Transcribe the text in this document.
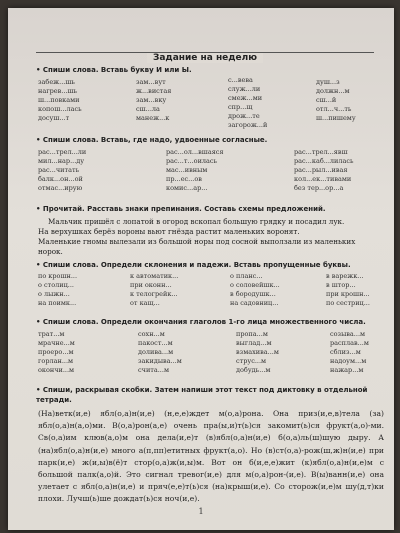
$^{Задание на неделю}$
• Спиши слова. Вставь букву И или Ы.
забеж...шь
нагрев...шь
ш...повками
копош...лась
досуш...т
зам...вут
ж...вистая
зам...вку
сш...ла
манеж...к
с...вева
служ...ли
смеж...ми
спр...щ
дрож...те
загорож...й
душ...з
должн...м
сш...й
отл...ч...ть
ш...пишему
• Спиши слова. Вставь, где надо, удвоенные согласные.
рас...трел...ли
мил...нар...ду
рас...читать
балк...он...ой
отмас...ирую
рас...ол...вшаяся
рас...т...оилась
мас...ивным
пр...ес...ов
комис...ар...
рас...трел...явш
рас...каб...лилась
рас...рыл...ивая
кол...ек...тивами
без тер...ор...а
• Прочитай. Расставь знаки препинания. Составь схемы предложений.

Мальчик пришёл с лопатой в огород вскопал большую грядку и посадил лук.

На верхушках берёз вороны вьют гнёзда растит маленьких воронят.

Маленькие гномы вылезали из большой норы под сосной выползали из маленьких норок.

• Спиши слова. Определи склонения и падежи. Вставь пропущенные буквы.
по крошн...
о столиц...
о лыжн...
на поимк...
к автоматик...
при оконн...
к телогрейк...
от кащ...
о планс...
о соловейшк...
в бородушк...
на садовниц...
в варежк...
в штор...
при крошн...
по сестриц...
• Спиши слова. Определи окончания глаголов 1-го лица множественного числа.
трат...м
мрачне...м
проеро...м
горлан...м
окончи...м
сохн...м
пакост...м
долива...м
закидыва...м
счита...м
пропа...м
выглад...м
взмахива...м
струс...м
добудь...м
созыва...м
расплав...м
сблиз...м
надоум...м
нажар...м
• Спиши, раскрывая скобки. Затем напиши этот текст под диктовку в отдельной тетради.
(На)ветк(и,е) ябл(о,а)н(и,е) (н,е,е)ждет м(о,а)рона. Она приз(и,е,в)тела (за) ябл(о,а)н(а,о)ми. В(о,а)рон(а,е) очень пра(ы,и)т(ь)ся закомит(ь)ся фрукт(а,о)-ми. Св(о,а)им клюв(а,о)м она дела(и,е)т (в)ябл(о,а)н(и,е) б(о,а)ль(ш)шую дыру. А (на)ябл(о,а)н(и,е) много а(п,пп)етитных фрукт(а,о). Но (в)ст(о,а)-рож(ш,ж)н(и,е) при парк(и,е) ж(и,ы)в(ё)т стор(о,а)ж(и,ы)м. Вот он б(и,е,е)жит (к)ябл(о,а)н(и,е)м с большой палк(а,о)й. Это сигнал тревог(и,е) для м(о,а)рон-(и,е). В(ы)ванн(и,е) она улетает с ябл(о,а)н(и,е) и пряч(е,е)т(ь)ся (на)крыш(и,е). Со сторож(и,е)м шу(д,т)ки плохи. Лучш(ь)ше дождат(ь)ся ноч(и,е).
1
